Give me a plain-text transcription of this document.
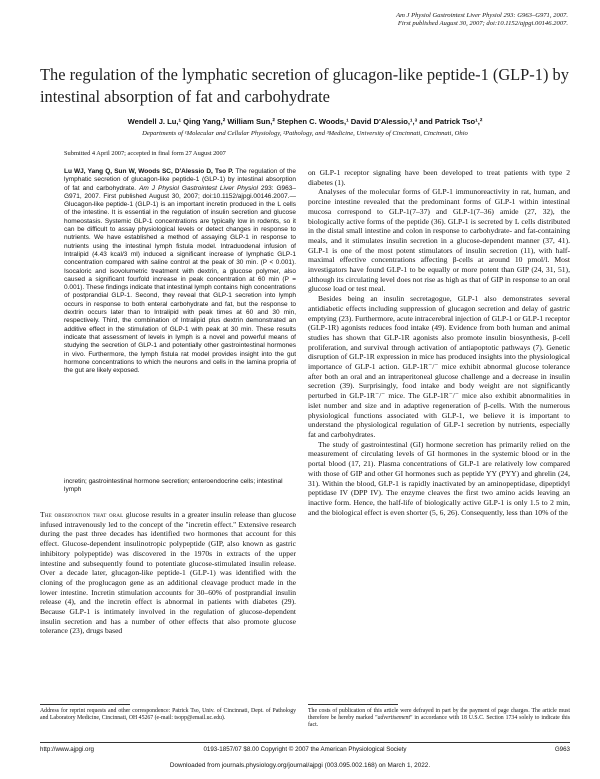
Am J Physiol Gastrointest Liver Physiol 293: G963–G971, 2007.
First published August 30, 2007; doi:10.1152/ajpgi.00146.2007.
The regulation of the lymphatic secretion of glucagon-like peptide-1 (GLP-1) by intestinal absorption of fat and carbohydrate
Wendell J. Lu,¹ Qing Yang,² William Sun,² Stephen C. Woods,¹ David D'Alessio,¹,³ and Patrick Tso¹,²
Departments of ¹Molecular and Cellular Physiology, ²Pathology, and ³Medicine, University of Cincinnati, Cincinnati, Ohio
Submitted 4 April 2007; accepted in final form 27 August 2007
Lu WJ, Yang Q, Sun W, Woods SC, D'Alessio D, Tso P. The regulation of the lymphatic secretion of glucagon-like peptide-1 (GLP-1) by intestinal absorption of fat and carbohydrate. Am J Physiol Gastrointest Liver Physiol 293: G963–G971, 2007. First published August 30, 2007; doi:10.1152/ajpgi.00146.2007.—Glucagon-like peptide-1 (GLP-1) is an important incretin produced in the L cells of the intestine. It is essential in the regulation of insulin secretion and glucose homeostasis. Systemic GLP-1 concentrations are typically low in rodents, so it can be difficult to assay physiological levels or detect changes in response to nutrients. We have established a method of assaying GLP-1 in response to nutrients using the intestinal lymph fistula model. Intraduodenal infusion of Intralipid (4.43 kcal/3 ml) induced a significant increase of lymphatic GLP-1 concentration compared with saline control at the peak of 30 min. (P < 0.001). Isocaloric and isovolumetric treatment with dextrin, a glucose polymer, also caused a significant fourfold increase in peak concentration at 60 min (P = 0.001). These findings indicate that intestinal lymph contains high concentrations of postprandial GLP-1. Second, they reveal that GLP-1 secretion into lymph occurs in response to both enteral carbohydrate and fat, but the response to dextrin occurs later than to Intralipid with peak times at 60 and 30 min, respectively. Third, the combination of Intralipid plus dextrin demonstrated an additive effect in the stimulation of GLP-1 with peak at 30 min. These results indicate that assessment of levels in lymph is a novel and powerful means of studying the secretion of GLP-1 and potentially other gastrointestinal hormones in vivo. Furthermore, the lymph fistula rat model provides insight into the gut hormone concentrations to which the neurons and cells in the lamina propria of the gut are likely exposed.
incretin; gastrointestinal hormone secretion; enteroendocrine cells; intestinal lymph

The observation that oral glucose results in a greater insulin release than glucose infused intravenously led to the concept of the "incretin effect." Extensive research during the past three decades has identified two hormones that account for this effect. Glucose-dependent insulinotropic polypeptide (GIP, also known as gastric inhibitory polypeptide) was discovered in the 1970s in extracts of the upper intestine and subsequently found to potentiate glucose-stimulated insulin release. Over a decade later, glucagon-like peptide-1 (GLP-1) was identified with the cloning of the proglucagon gene as an additional cleavage product made in the lower intestine. Incretin stimulation accounts for 30–60% of postprandial insulin release (4), and the incretin effect is abnormal in patients with diabetes (29). Because GLP-1 is intimately involved in the regulation of glucose-dependent insulin secretion and has a number of other effects that also promote glucose tolerance (23), drugs based

on GLP-1 receptor signaling have been developed to treat patients with type 2 diabetes (1).

Analyses of the molecular forms of GLP-1 immunoreactivity in rat, human, and porcine intestine revealed that the predominant forms of GLP-1 within intestinal mucosa correspond to GLP-1(7–37) and GLP-1(7–36) amide (27, 32), the biologically active forms of the peptide (36). GLP-1 is secreted by L cells distributed in the distal small intestine and colon in response to carbohydrate- and fat-containing meals, and it stimulates insulin secretion in a glucose-dependent manner (37, 41). GLP-1 is one of the most potent stimulators of insulin secretion (11), with half-maximal effective concentrations affecting β-cells at around 10 pmol/l. Most investigators have found GLP-1 to be equally or more potent than GIP (24, 31, 51), although its circulating level does not rise as high as that of GIP in response to an oral glucose load or test meal.

Besides being an insulin secretagogue, GLP-1 also demonstrates several antidiabetic effects including suppression of glucagon secretion and delay of gastric emptying (23). Furthermore, acute intracerebral injection of GLP-1 or GLP-1 receptor (GLP-1R) agonists reduces food intake (49). Evidence from both human and animal studies has shown that GLP-1R agonists also promote insulin biosynthesis, β-cell proliferation, and survival through activation of antiapoptotic pathways (7). Genetic disruption of GLP-1R expression in mice has produced insights into the physiological importance of GLP-1 action. GLP-1R⁻/⁻ mice exhibit abnormal glucose tolerance after both an oral and an intraperitoneal glucose challenge and a decrease in insulin secretion (39). Surprisingly, food intake and body weight are not significantly perturbed in GLP-1R⁻/⁻ mice. The GLP-1R⁻/⁻ mice also exhibit abnormalities in islet number and size and in adaptive regeneration of β-cells. With the numerous physiological functions associated with GLP-1, we believe it is important to understand the physiological regulation of GLP-1 secretion by nutrients, especially fat and carbohydrates.

The study of gastrointestinal (GI) hormone secretion has primarily relied on the measurement of circulating levels of GI hormones in the systemic blood or in the portal blood (17, 21). Plasma concentrations of GLP-1 are relatively low compared with those of GIP and other GI hormones such as peptide YY (PYY) and ghrelin (24, 31). Within the blood, GLP-1 is rapidly inactivated by an aminopeptidase, dipeptidyl peptidase IV (DPP IV). The enzyme cleaves the first two amino acids leaving an inactive form. Hence, the half-life of biologically active GLP-1 is only 1.5 to 2 min, and the biological effect is even shorter (5, 6, 26). Consequently, less than 10% of the

Address for reprint requests and other correspondence: Patrick Tso, Univ. of Cincinnati, Dept. of Pathology and Laboratory Medicine, Cincinnati, OH 45267 (e-mail: tsopp@email.uc.edu).
The costs of publication of this article were defrayed in part by the payment of page charges. The article must therefore be hereby marked "advertisement" in accordance with 18 U.S.C. Section 1734 solely to indicate this fact.
http://www.ajpgi.org	0193-1857/07 $8.00 Copyright © 2007 the American Physiological Society	G963
Downloaded from journals.physiology.org/journal/ajpgi (003.095.002.168) on March 1, 2022.
